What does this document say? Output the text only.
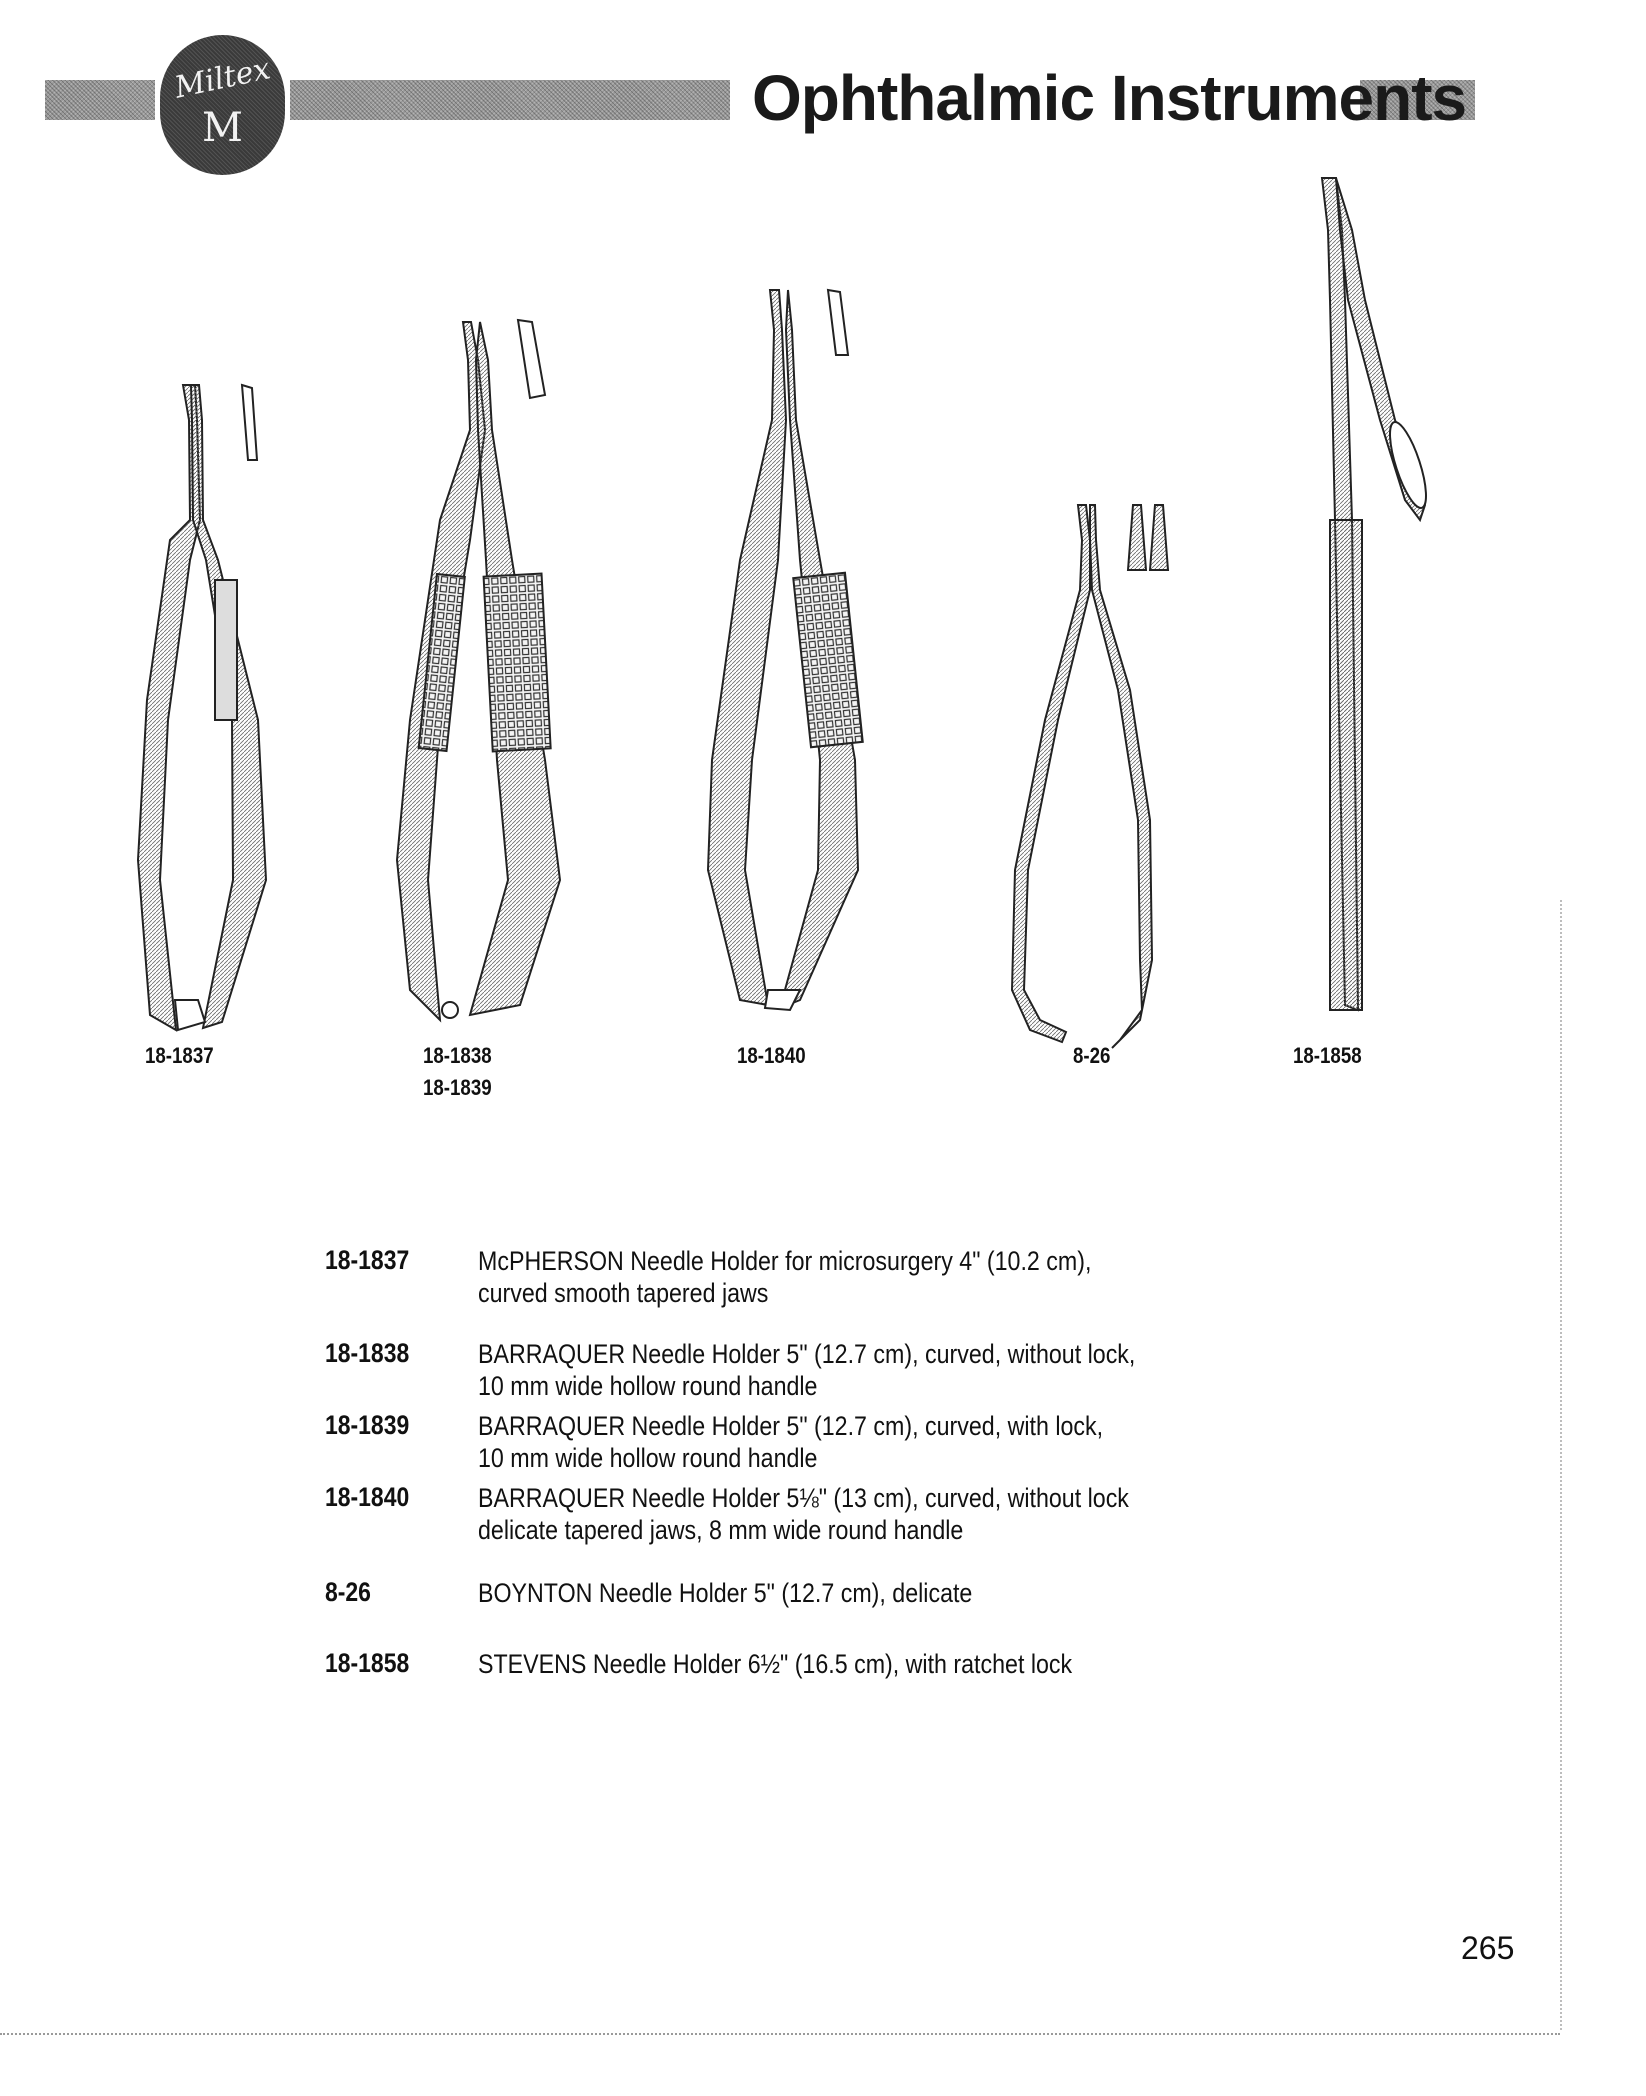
Miltex
M	Ophthalmic Instruments
18-1837	18-1838
18-1839
18-1840	8-26	18-1858
18-1837	McPHERSON Needle Holder for microsurgery 4" (10.2 cm),
curved smooth tapered jaws
18-1838	BARRAQUER Needle Holder 5" (12.7 cm), curved, without lock,
10 mm wide hollow round handle
18-1839	BARRAQUER Needle Holder 5" (12.7 cm), curved, with lock,
10 mm wide hollow round handle
18-1840	BARRAQUER Needle Holder 5⅛" (13 cm), curved, without lock
delicate tapered jaws, 8 mm wide round handle
8-26	BOYNTON Needle Holder 5" (12.7 cm), delicate
18-1858	STEVENS Needle Holder 6½" (16.5 cm), with ratchet lock
265
